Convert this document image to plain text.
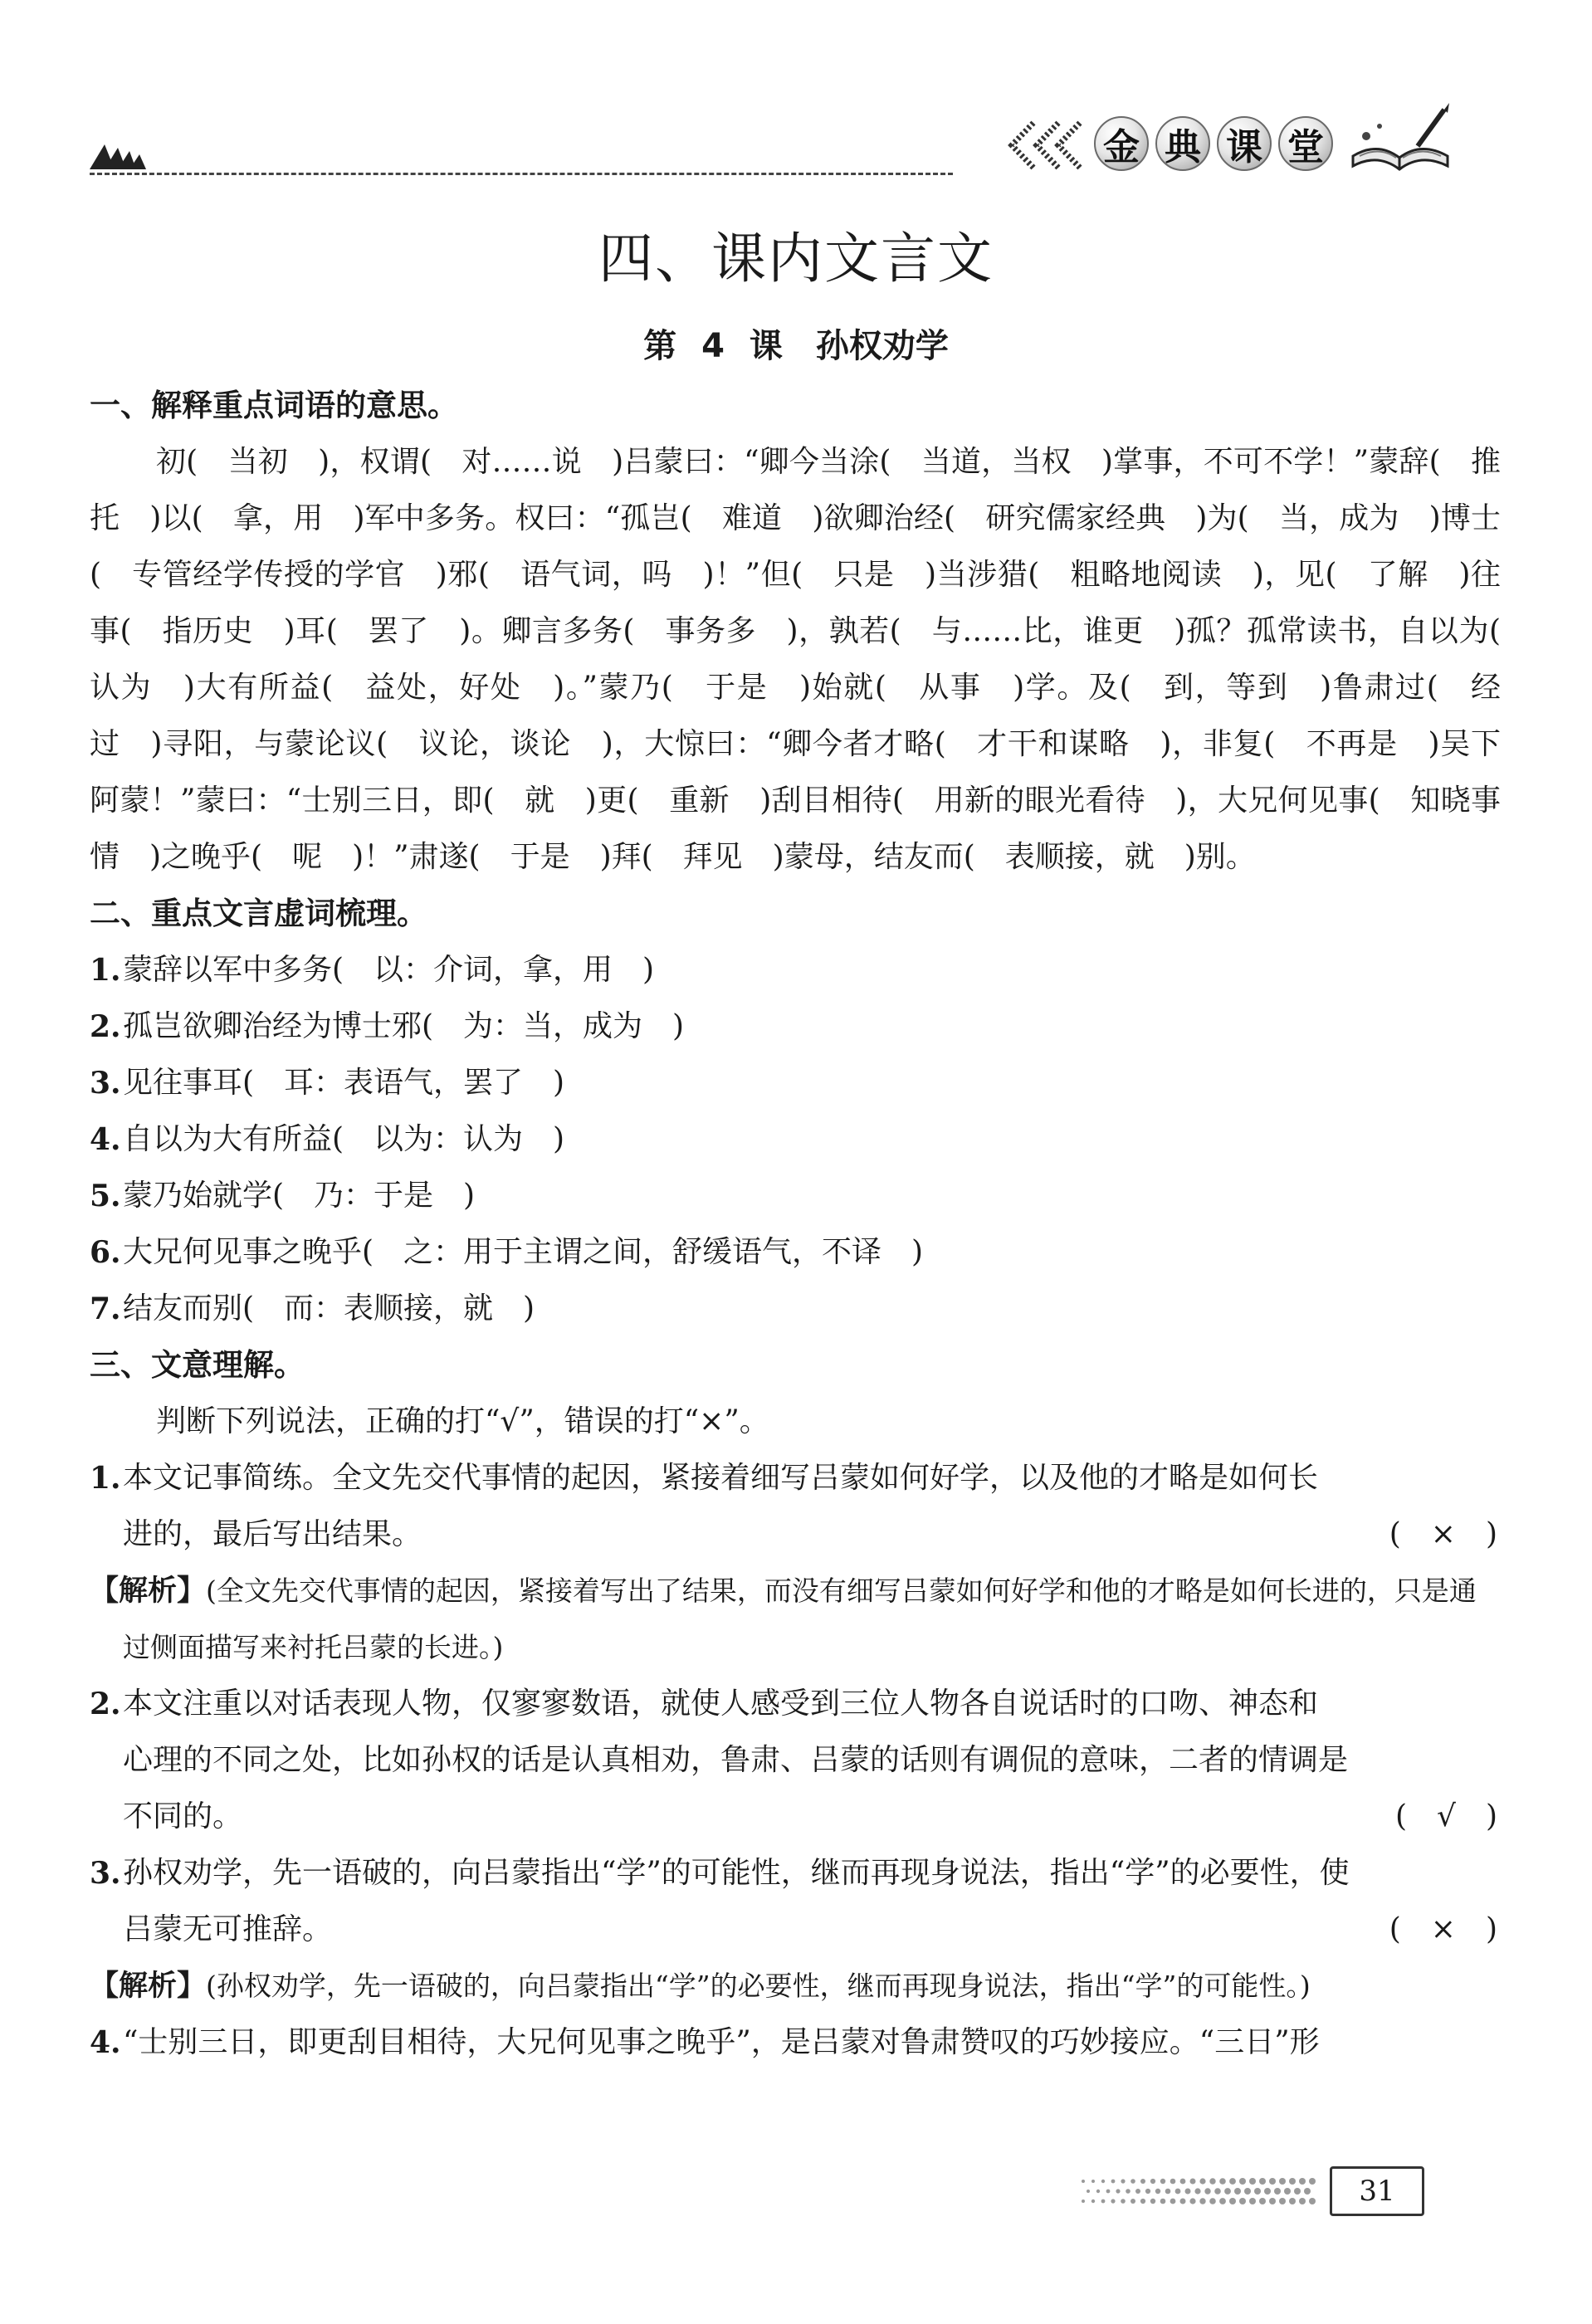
金 典 课 堂
四、课内文言文
第 4 课　孙权劝学
一、解释重点词语的意思。
初(　当初　)，权谓(　对……说　)吕蒙曰：“卿今当涂(　当道，当权　)掌事，不可不学！”蒙辞(　推托　)以(　拿，用　)军中多务。权曰：“孤岂(　难道　)欲卿治经(　研究儒家经典　)为(　当，成为　)博士(　专管经学传授的学官　)邪(　语气词，吗　)！”但(　只是　)当涉猎(　粗略地阅读　)，见(　了解　)往事(　指历史　)耳(　罢了　)。卿言多务(　事务多　)，孰若(　与……比，谁更　)孤？孤常读书，自以为(　认为　)大有所益(　益处，好处　)。”蒙乃(　于是　)始就(　从事　)学。及(　到，等到　)鲁肃过(　经过　)寻阳，与蒙论议(　议论，谈论　)，大惊曰：“卿今者才略(　才干和谋略　)，非复(　不再是　)吴下阿蒙！”蒙曰：“士别三日，即(　就　)更(　重新　)刮目相待(　用新的眼光看待　)，大兄何见事(　知晓事情　)之晚乎(　呢　)！”肃遂(　于是　)拜(　拜见　)蒙母，结友而(　表顺接，就　)别。
二、重点文言虚词梳理。
1. 蒙辞以军中多务(　以：介词，拿，用　)
2. 孤岂欲卿治经为博士邪(　为：当，成为　)
3. 见往事耳(　耳：表语气，罢了　)
4. 自以为大有所益(　以为：认为　)
5. 蒙乃始就学(　乃：于是　)
6. 大兄何见事之晚乎(　之：用于主谓之间，舒缓语气，不译　)
7. 结友而别(　而：表顺接，就　)
三、文意理解。
判断下列说法，正确的打“√”，错误的打“×”。
1. 本文记事简练。全文先交代事情的起因，紧接着细写吕蒙如何好学，以及他的才略是如何长
进的，最后写出结果。	(　×　)
【解析】(全文先交代事情的起因，紧接着写出了结果，而没有细写吕蒙如何好学和他的才略是如何长进的，只是通过侧面描写来衬托吕蒙的长进。)
2. 本文注重以对话表现人物，仅寥寥数语，就使人感受到三位人物各自说话时的口吻、神态和
心理的不同之处，比如孙权的话是认真相劝，鲁肃、吕蒙的话则有调侃的意味，二者的情调是
不同的。	(　√　)
3. 孙权劝学，先一语破的，向吕蒙指出“学”的可能性，继而再现身说法，指出“学”的必要性，使
吕蒙无可推辞。	(　×　)
【解析】(孙权劝学，先一语破的，向吕蒙指出“学”的必要性，继而再现身说法，指出“学”的可能性。)
4. “士别三日，即更刮目相待，大兄何见事之晚乎”，是吕蒙对鲁肃赞叹的巧妙接应。“三日”形
31
